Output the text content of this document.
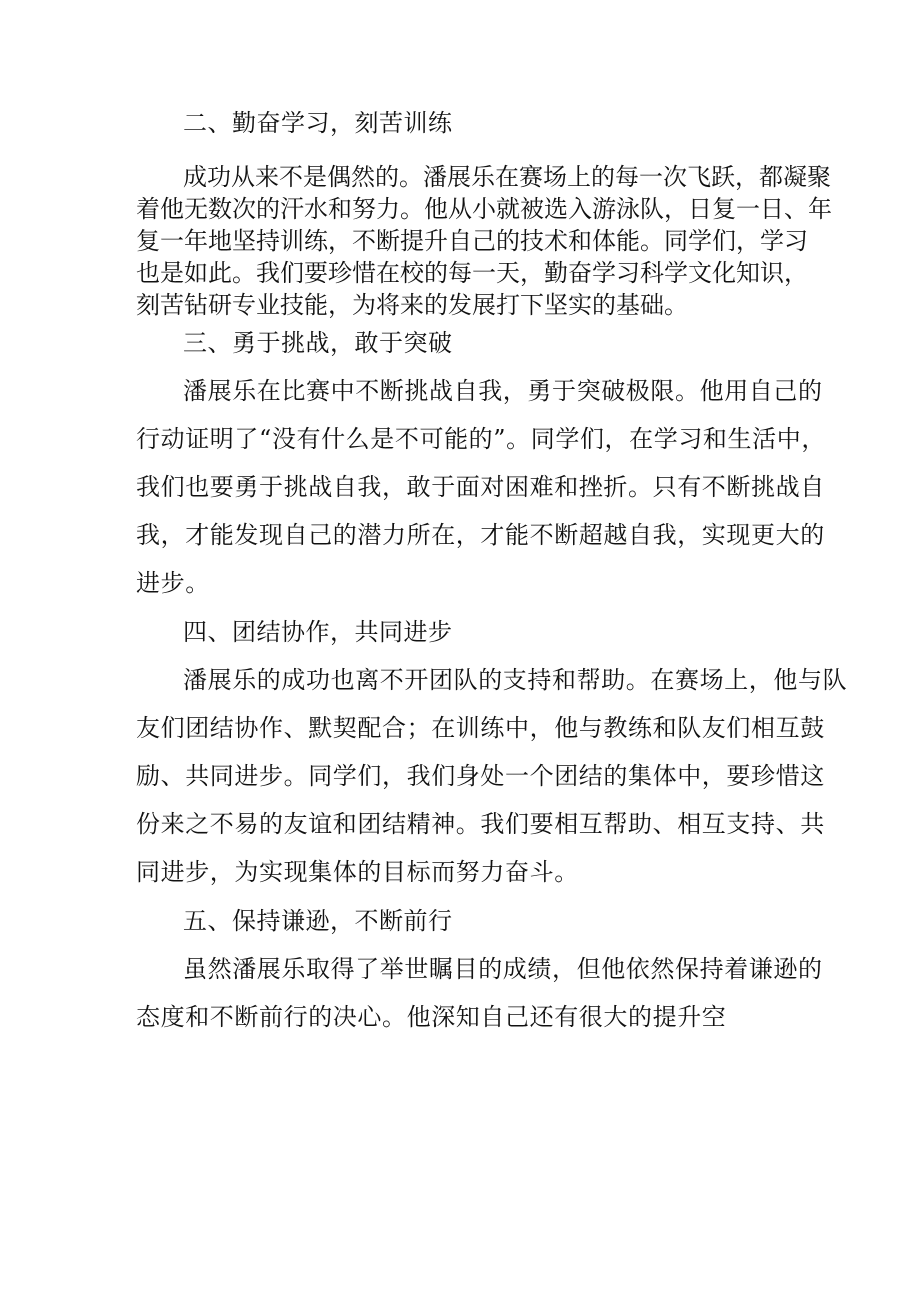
二、勤奋学习，刻苦训练
成功从来不是偶然的。潘展乐在赛场上的每一次飞跃，都凝聚
着他无数次的汗水和努力。他从小就被选入游泳队，日复一日、年
复一年地坚持训练，不断提升自己的技术和体能。同学们，学习
也是如此。我们要珍惜在校的每一天，勤奋学习科学文化知识，
刻苦钻研专业技能，为将来的发展打下坚实的基础。
三、勇于挑战，敢于突破
潘展乐在比赛中不断挑战自我，勇于突破极限。他用自己的
行动证明了“没有什么是不可能的”。同学们，在学习和生活中，
我们也要勇于挑战自我，敢于面对困难和挫折。只有不断挑战自
我，才能发现自己的潜力所在，才能不断超越自我，实现更大的
进步。
四、团结协作，共同进步
潘展乐的成功也离不开团队的支持和帮助。在赛场上，他与队
友们团结协作、默契配合；在训练中，他与教练和队友们相互鼓
励、共同进步。同学们，我们身处一个团结的集体中，要珍惜这
份来之不易的友谊和团结精神。我们要相互帮助、相互支持、共
同进步，为实现集体的目标而努力奋斗。
五、保持谦逊，不断前行
虽然潘展乐取得了举世瞩目的成绩，但他依然保持着谦逊的
态度和不断前行的决心。他深知自己还有很大的提升空
